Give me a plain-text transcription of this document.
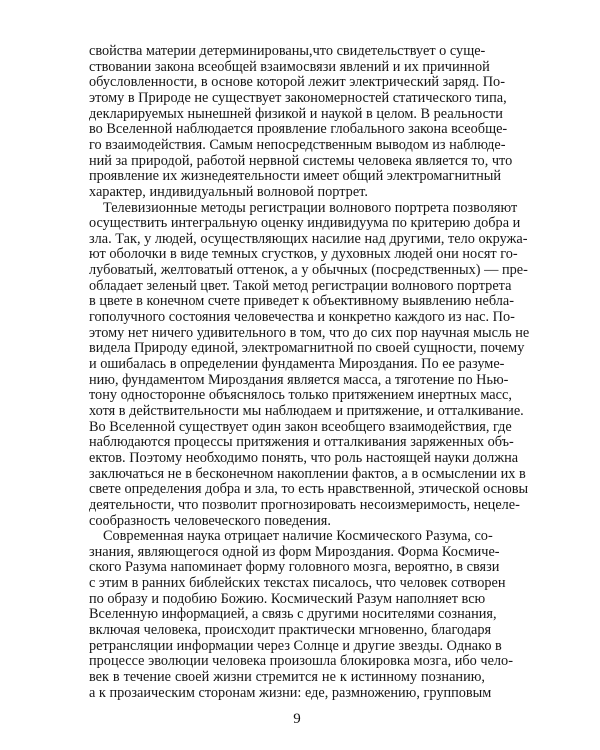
свойства материи детерминированы,что свидетельствует о суще-
ствовании закона всеобщей взаимосвязи явлений и их причинной
обусловленности, в основе которой лежит электрический заряд. По-
этому в Природе не существует закономерностей статического типа,
декларируемых нынешней физикой и наукой в целом. В реальности
во Вселенной наблюдается проявление глобального закона всеобще-
го взаимодействия. Самым непосредственным выводом из наблюде-
ний за природой, работой нервной системы человека является то, что
проявление их жизнедеятельности имеет общий электромагнитный
характер, индивидуальный волновой портрет.
Телевизионные методы регистрации волнового портрета позволяют
осуществить интегральную оценку индивидуума по критерию добра и
зла. Так, у людей, осуществляющих насилие над другими, тело окружа-
ют оболочки в виде темных сгустков, у духовных людей они носят го-
лубоватый, желтоватый оттенок, а у обычных (посредственных) — пре-
обладает зеленый цвет. Такой метод регистрации волнового портрета
в цвете в конечном счете приведет к объективному выявлению небла-
гополучного состояния человечества и конкретно каждого из нас. По-
этому нет ничего удивительного в том, что до сих пор научная мысль не
видела Природу единой, электромагнитной по своей сущности, почему
и ошибалась в определении фундамента Мироздания. По ее разуме-
нию, фундаментом Мироздания является масса, а тяготение по Нью-
тону односторонне объяснялось только притяжением инертных масс,
хотя в действительности мы наблюдаем и притяжение, и отталкивание.
Во Вселенной существует один закон всеобщего взаимодействия, где
наблюдаются процессы притяжения и отталкивания заряженных объ-
ектов. Поэтому необходимо понять, что роль настоящей науки должна
заключаться не в бесконечном накоплении фактов, а в осмыслении их в
свете определения добра и зла, то есть нравственной, этической основы
деятельности, что позволит прогнозировать несоизмеримость, нецеле-
сообразность человеческого поведения.
Современная наука отрицает наличие Космического Разума, со-
знания, являющегося одной из форм Мироздания. Форма Космиче-
ского Разума напоминает форму головного мозга, вероятно, в связи
с этим в ранних библейских текстах писалось, что человек сотворен
по образу и подобию Божию. Космический Разум наполняет всю
Вселенную информацией, а связь с другими носителями сознания,
включая человека, происходит практически мгновенно, благодаря
ретрансляции информации через Солнце и другие звезды. Однако в
процессе эволюции человека произошла блокировка мозга, ибо чело-
век в течение своей жизни стремится не к истинному познанию,
а к прозаическим сторонам жизни: еде, размножению, групповым
9
